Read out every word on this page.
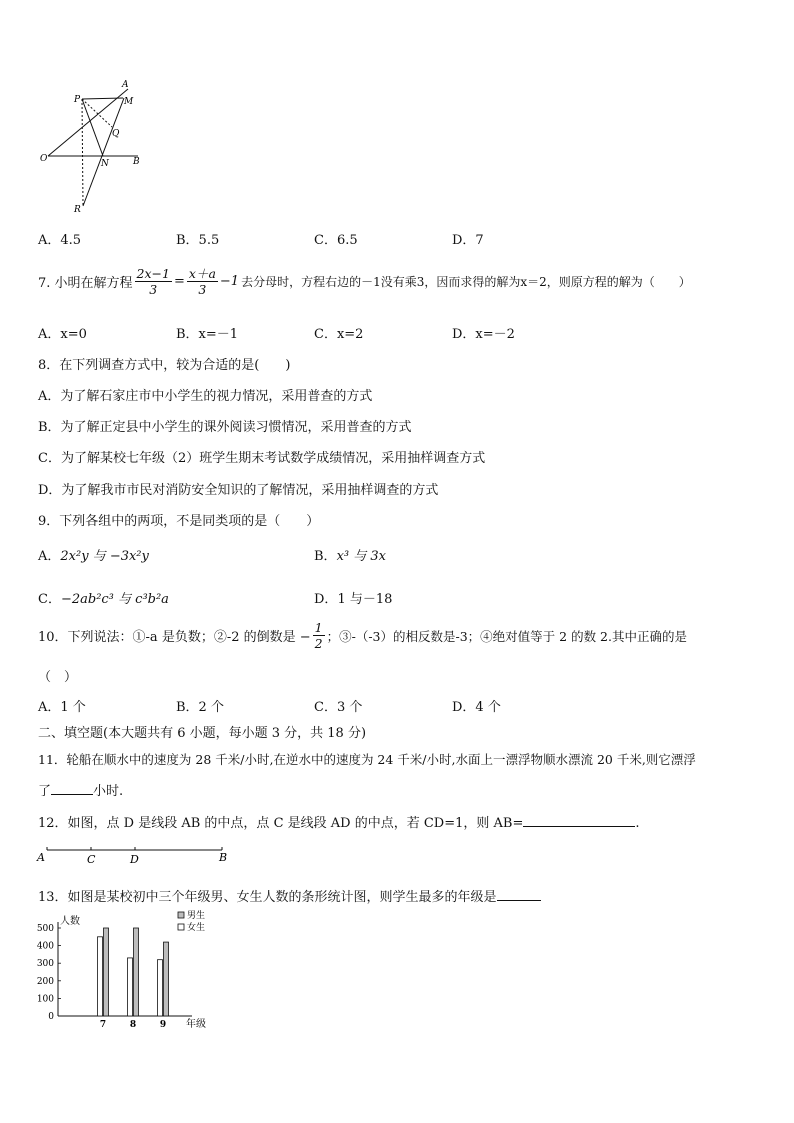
A
M
P
Q
O	N	B
R
A．4.5	B．5.5	C．6.5	D．7
7. 小明在解方程 $\frac{2x-1}{3} = \frac{x+a}{3} -1$ 去分母时，方程右边的－1没有乘3，因而求得的解为x＝2，则原方程的解为（　　）
A．x=0	B．x=－1	C．x=2	D．x=－2
8．在下列调查方式中，较为合适的是(　　)
A．为了解石家庄市中小学生的视力情况，采用普查的方式
B．为了解正定县中小学生的课外阅读习惯情况，采用普查的方式
C．为了解某校七年级（2）班学生期末考试数学成绩情况，采用抽样调查方式
D．为了解我市市民对消防安全知识的了解情况，采用抽样调查的方式
9．下列各组中的两项，不是同类项的是（　　）
A．2x²y 与 −3x²y	B．x³ 与 3x
C．−2ab²c³ 与 c³b²a	D．1 与－18
10．下列说法：①-a 是负数；②-2 的倒数是 − $\frac{1}{2}$ ；③-（-3）的相反数是-3；④绝对值等于 2 的数 2.其中正确的是
（　）
A．1 个	B．2 个	C．3 个	D．4 个
二、填空题(本大题共有 6 小题，每小题 3 分，共 18 分)
11．轮船在顺水中的速度为 28 千米/小时,在逆水中的速度为 24 千米/小时,水面上一漂浮物顺水漂流 20 千米,则它漂浮
了	小时.
12．如图，点 D 是线段 AB 的中点，点 C 是线段 AD 的中点，若 CD=1，则 AB=	.
A	C	D	B
13．如图是某校初中三个年级男、女生人数的条形统计图，则学生最多的年级是
0
100
200
300
400
500
人数
7	8	9 年级
男生
女生
